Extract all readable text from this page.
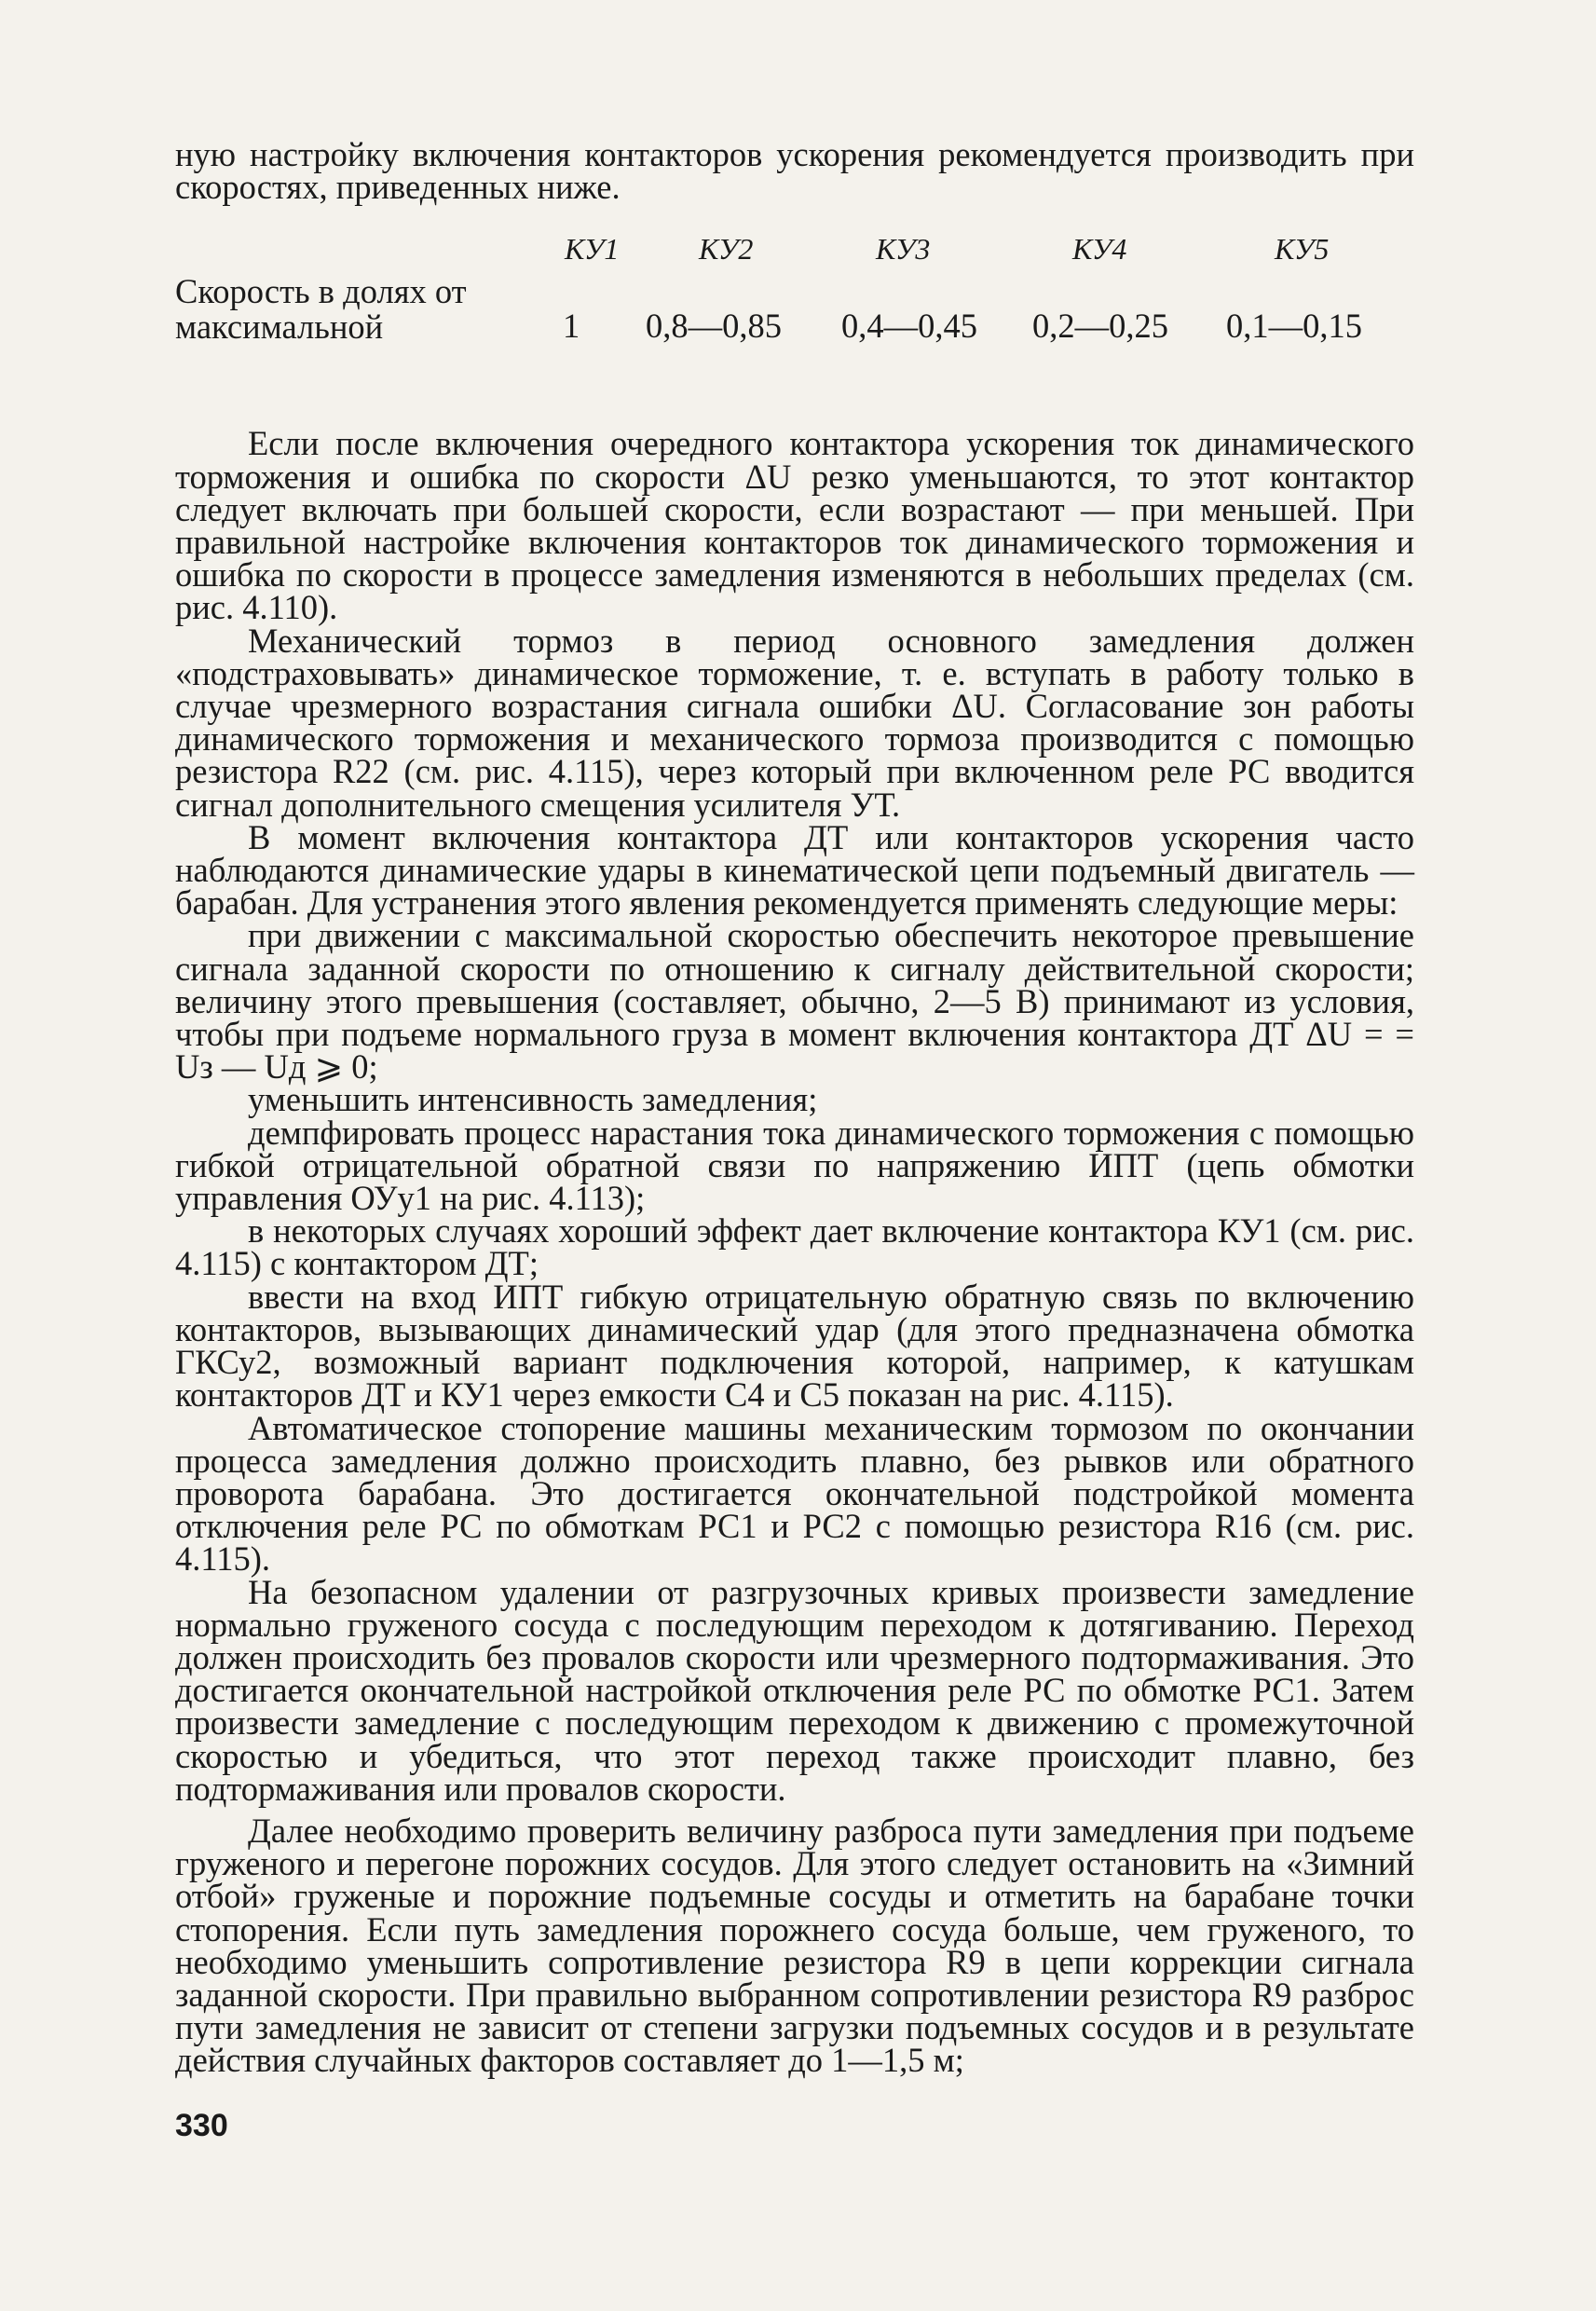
ную настройку включения контакторов ускорения рекомендуется производить при скоростях, приведенных ниже.

КУ1	КУ2	КУ3	КУ4	КУ5
Скорость в долях от максимальной	1 0,8—0,85 0,4—0,45 0,2—0,25 0,1—0,15

Если после включения очередного контактора ускорения ток динамического торможения и ошибка по скорости ΔU резко уменьшаются, то этот контактор следует включать при большей скорости, если возрастают — при меньшей. При правильной настройке включения контакторов ток динамического торможения и ошибка по скорости в процессе замедления изменяются в небольших пределах (см. рис. 4.110).

Механический тормоз в период основного замедления должен «подстраховывать» динамическое торможение, т. е. вступать в работу только в случае чрезмерного возрастания сигнала ошибки ΔU. Согласование зон работы динамического торможения и механического тормоза производится с помощью резистора R22 (см. рис. 4.115), через который при включенном реле РС вводится сигнал дополнительного смещения усилителя УТ.

В момент включения контактора ДТ или контакторов ускорения часто наблюдаются динамические удары в кинематической цепи подъемный двигатель — барабан. Для устранения этого явления рекомендуется применять следующие меры:

при движении с максимальной скоростью обеспечить некоторое превышение сигнала заданной скорости по отношению к сигналу действительной скорости; величину этого превышения (составляет, обычно, 2—5 В) принимают из условия, чтобы при подъеме нормального груза в момент включения контактора ДТ ΔU = = Uз — Uд ⩾ 0;

уменьшить интенсивность замедления;

демпфировать процесс нарастания тока динамического торможения с помощью гибкой отрицательной обратной связи по напряжению ИПТ (цепь обмотки управления ОУу1 на рис. 4.113);

в некоторых случаях хороший эффект дает включение контактора КУ1 (см. рис. 4.115) с контактором ДТ;

ввести на вход ИПТ гибкую отрицательную обратную связь по включению контакторов, вызывающих динамический удар (для этого предназначена обмотка ГКСу2, возможный вариант подключения которой, например, к катушкам контакторов ДТ и КУ1 через емкости С4 и С5 показан на рис. 4.115).

Автоматическое стопорение машины механическим тормозом по окончании процесса замедления должно происходить плавно, без рывков или обратного проворота барабана. Это достигается окончательной подстройкой момента отключения реле РС по обмоткам РС1 и РС2 с помощью резистора R16 (см. рис. 4.115).

На безопасном удалении от разгрузочных кривых произвести замедление нормально груженого сосуда с последующим переходом к дотягиванию. Переход должен происходить без провалов скорости или чрезмерного подтормаживания. Это достигается окончательной настройкой отключения реле РС по обмотке РС1. Затем произвести замедление с последующим переходом к движению с промежуточной скоростью и убедиться, что этот переход также происходит плавно, без подтормаживания или провалов скорости.

Далее необходимо проверить величину разброса пути замедления при подъеме груженого и перегоне порожних сосудов. Для этого следует остановить на «Зимний отбой» груженые и порожние подъемные сосуды и отметить на барабане точки стопорения. Если путь замедления порожнего сосуда больше, чем груженого, то необходимо уменьшить сопротивление резистора R9 в цепи коррекции сигнала заданной скорости. При правильно выбранном сопротивлении резистора R9 разброс пути замедления не зависит от степени загрузки подъемных сосудов и в результате действия случайных факторов составляет до 1—1,5 м;

330
